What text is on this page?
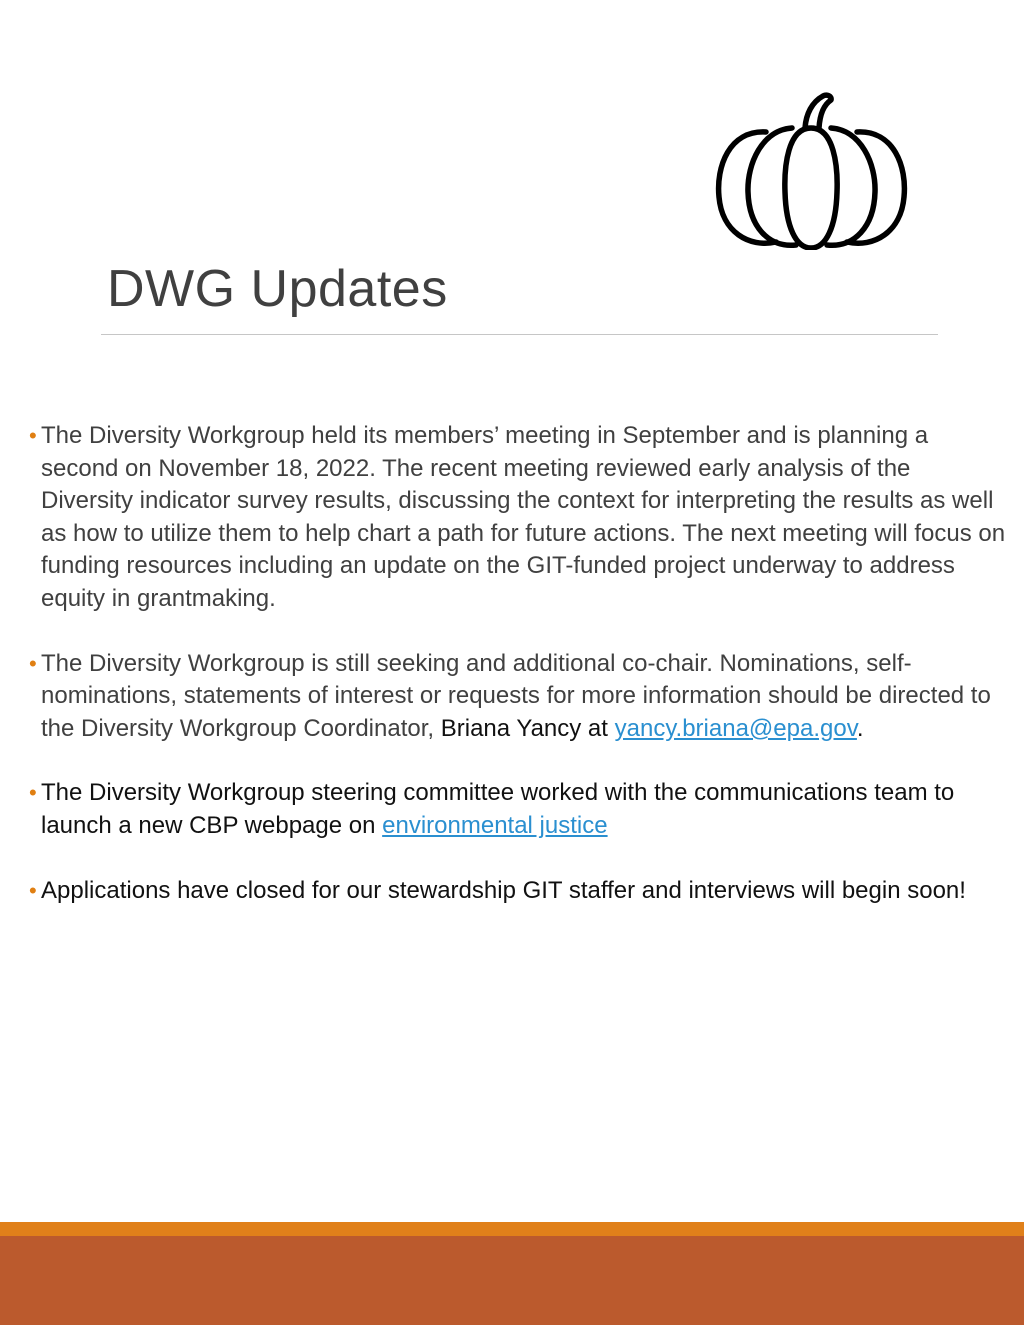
DWG Updates
• The Diversity Workgroup held its members’ meeting in September and is planning a second on November 18, 2022. The recent meeting reviewed early analysis of the Diversity indicator survey results, discussing the context for interpreting the results as well as how to utilize them to help chart a path for future actions. The next meeting will focus on funding resources including an update on the GIT-funded project underway to address equity in grantmaking.
• The Diversity Workgroup is still seeking and additional co-chair. Nominations, self-nominations, statements of interest or requests for more information should be directed to the Diversity Workgroup Coordinator, Briana Yancy at yancy.briana@epa.gov.
• The Diversity Workgroup steering committee worked with the communications team to launch a new CBP webpage on environmental justice
• Applications have closed for our stewardship GIT staffer and interviews will begin soon!
